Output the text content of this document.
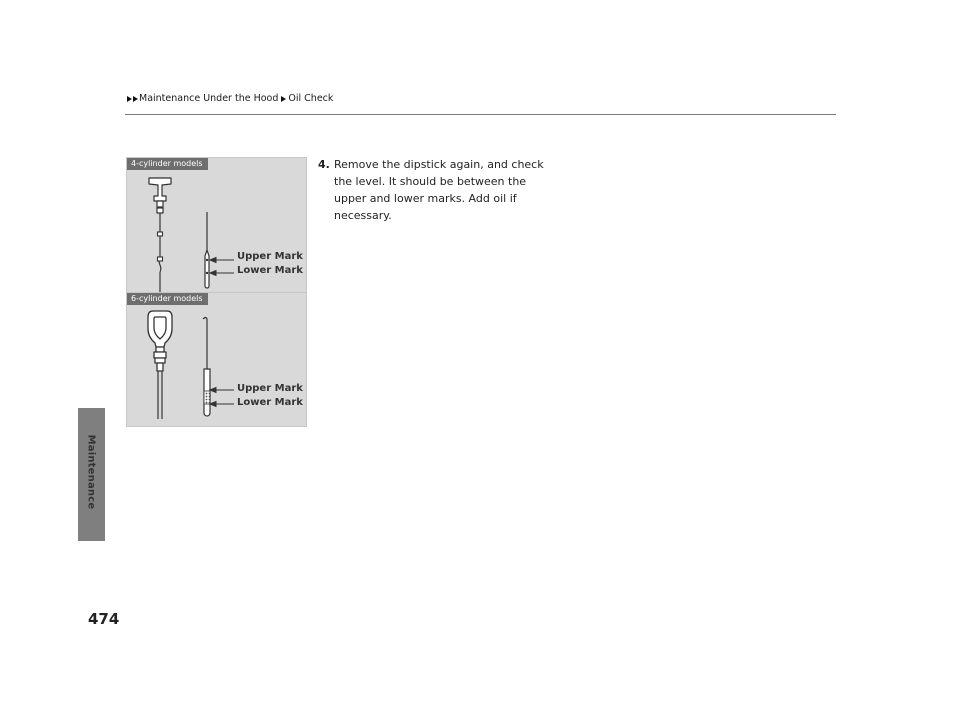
Maintenance Under the Hood Oil Check
Maintenance
474
4-cylinder models
Upper Mark
Lower Mark
6-cylinder models
Upper Mark
Lower Mark
4. Remove the dipstick again, and check the level. It should be between the upper and lower marks. Add oil if necessary.
